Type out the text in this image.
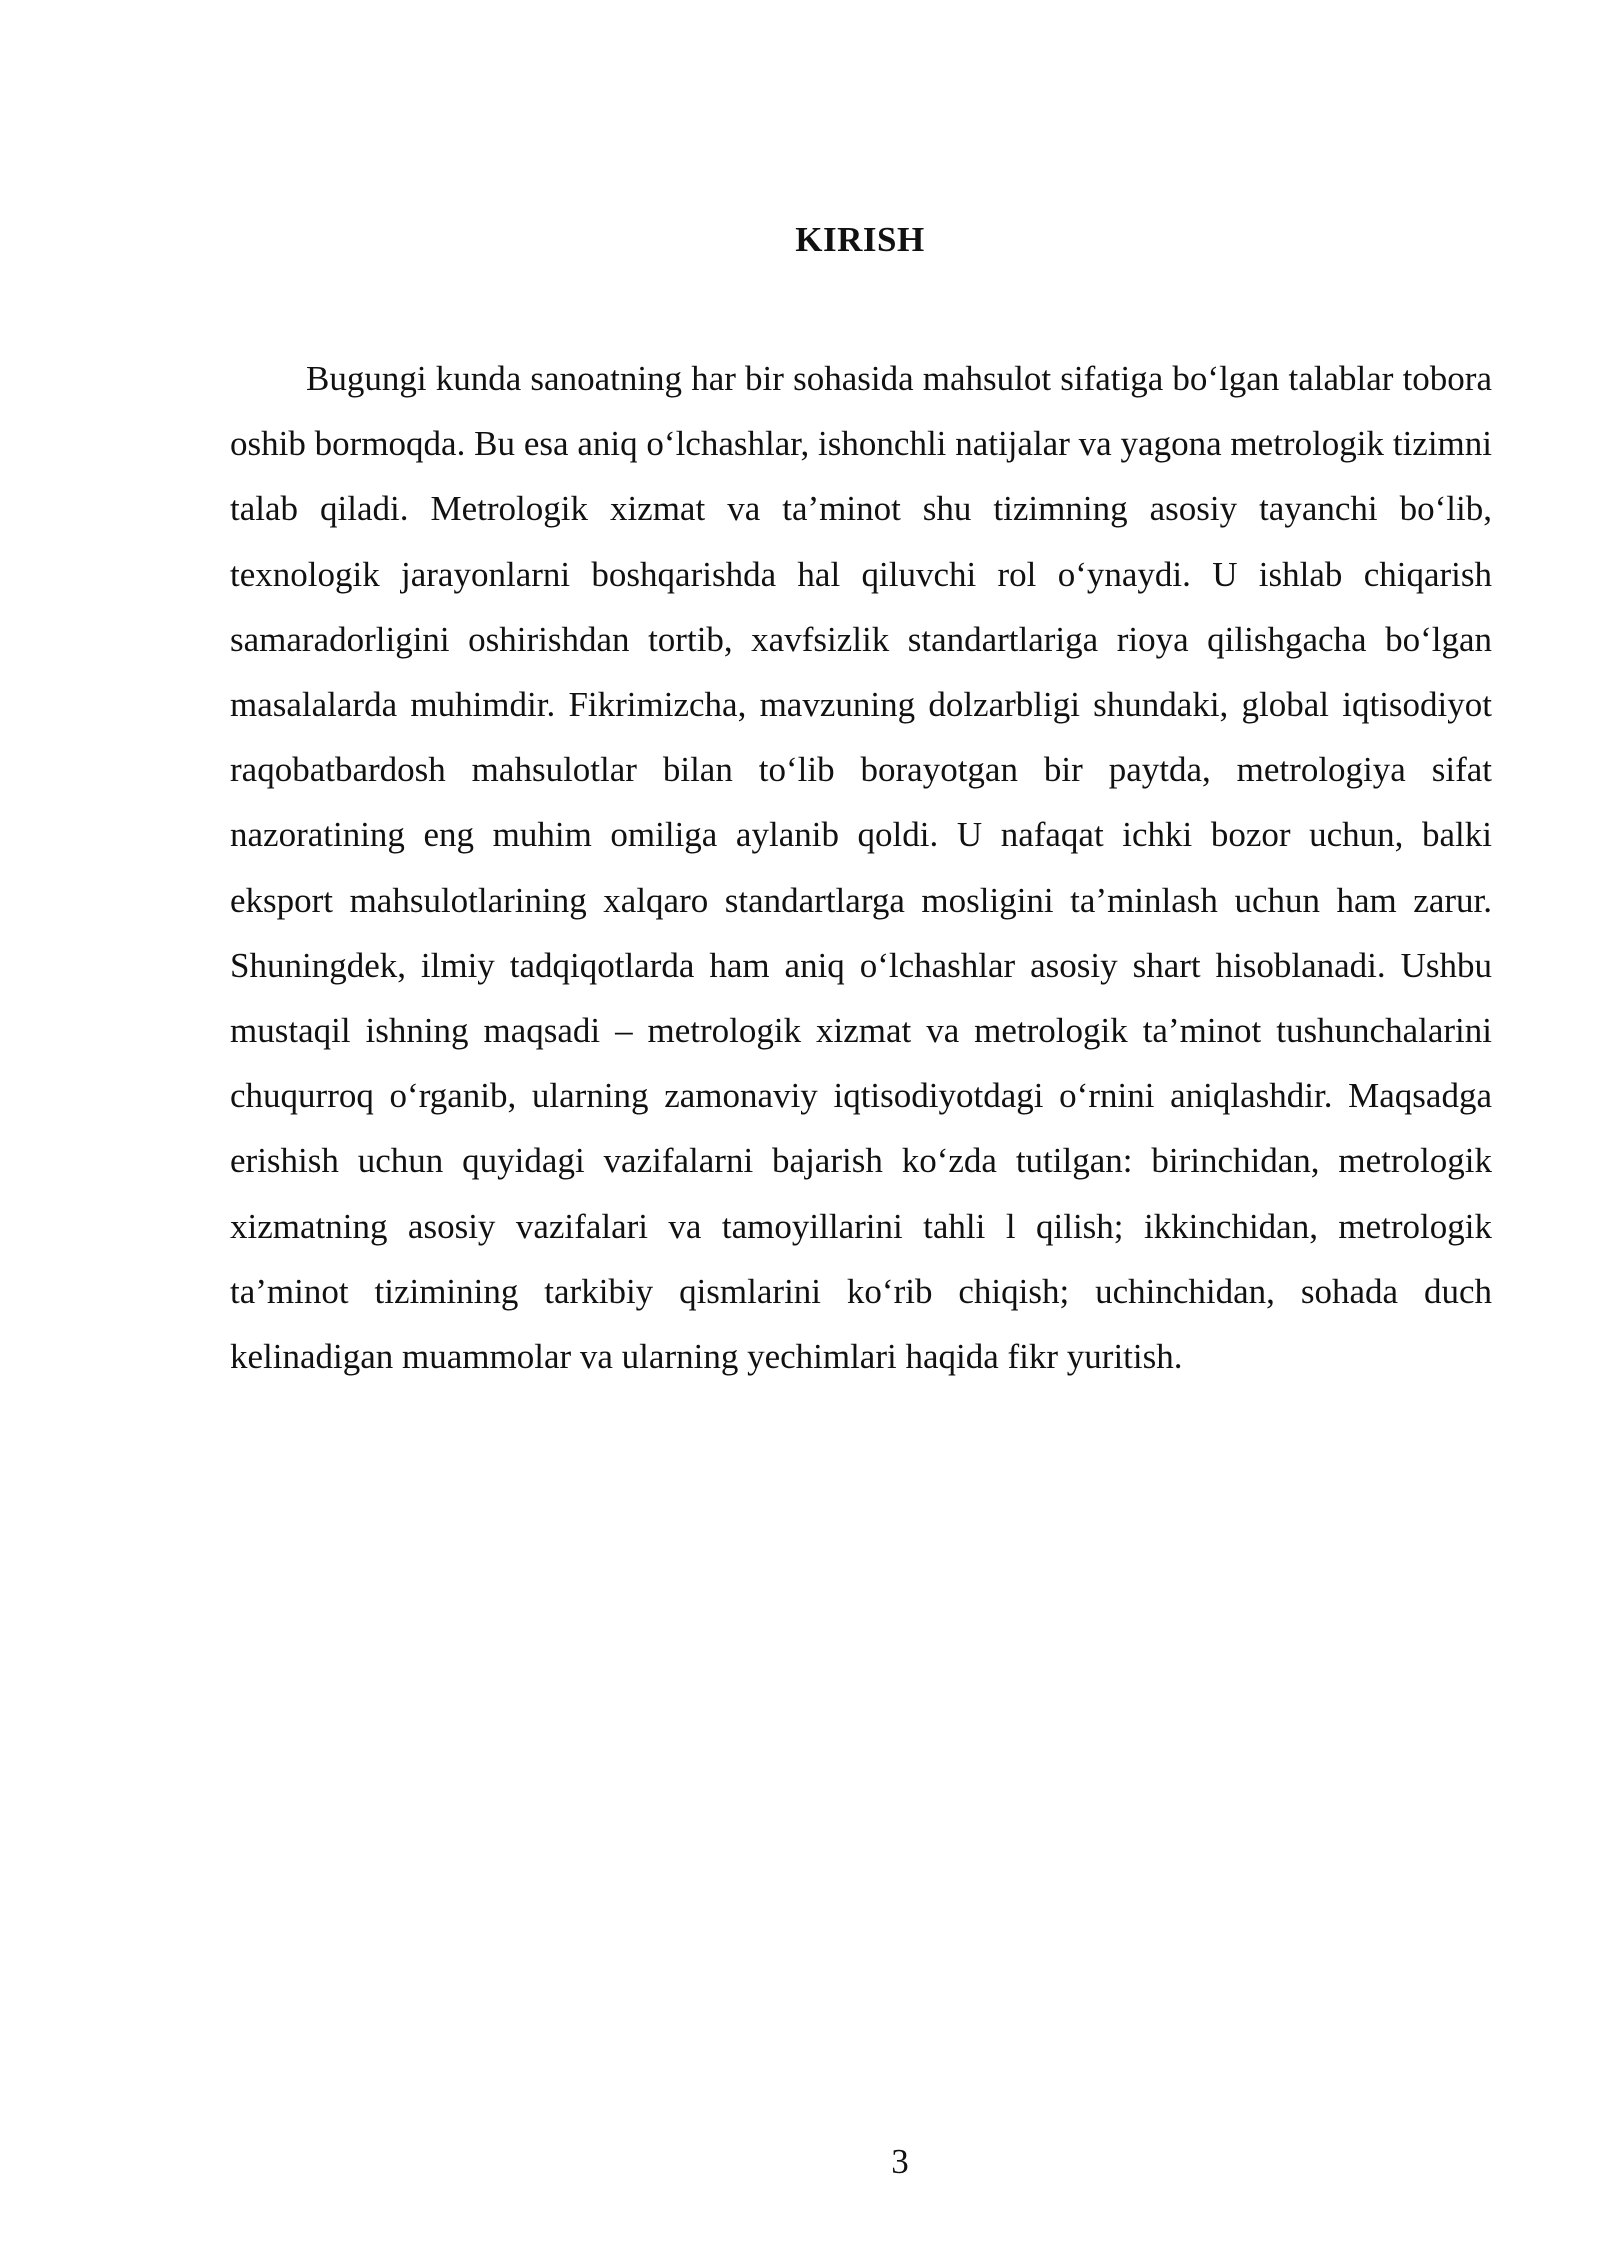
KIRISH

Bugungi kunda sanoatning har bir sohasida mahsulot sifatiga bo‘lgan talablar tobora oshib bormoqda. Bu esa aniq o‘lchashlar, ishonchli natijalar va yagona metrologik tizimni talab qiladi. Metrologik xizmat va ta’minot shu tizimning asosiy tayanchi bo‘lib, texnologik jarayonlarni boshqarishda hal qiluvchi rol o‘ynaydi. U ishlab chiqarish samaradorligini oshirishdan tortib, xavfsizlik standartlariga rioya qilishgacha bo‘lgan masalalarda muhimdir. Fikrimizcha, mavzuning dolzarbligi shundaki, global iqtisodiyot raqobatbardosh mahsulotlar bilan to‘lib borayotgan bir paytda, metrologiya sifat nazoratining eng muhim omiliga aylanib qoldi. U nafaqat ichki bozor uchun, balki eksport mahsulotlarining xalqaro standartlarga mosligini ta’minlash uchun ham zarur. Shuningdek, ilmiy tadqiqotlarda ham aniq o‘lchashlar asosiy shart hisoblanadi. Ushbu mustaqil ishning maqsadi – metrologik xizmat va metrologik ta’minot tushunchalarini chuqurroq o‘rganib, ularning zamonaviy iqtisodiyotdagi o‘rnini aniqlashdir. Maqsadga erishish uchun quyidagi vazifalarni bajarish ko‘zda tutilgan: birinchidan, metrologik xizmatning asosiy vazifalari va tamoyillarini tahli l qilish; ikkinchidan, metrologik ta’minot tizimining tarkibiy qismlarini ko‘rib chiqish; uchinchidan, sohada duch kelinadigan muammolar va ularning yechimlari haqida fikr yuritish.

3
